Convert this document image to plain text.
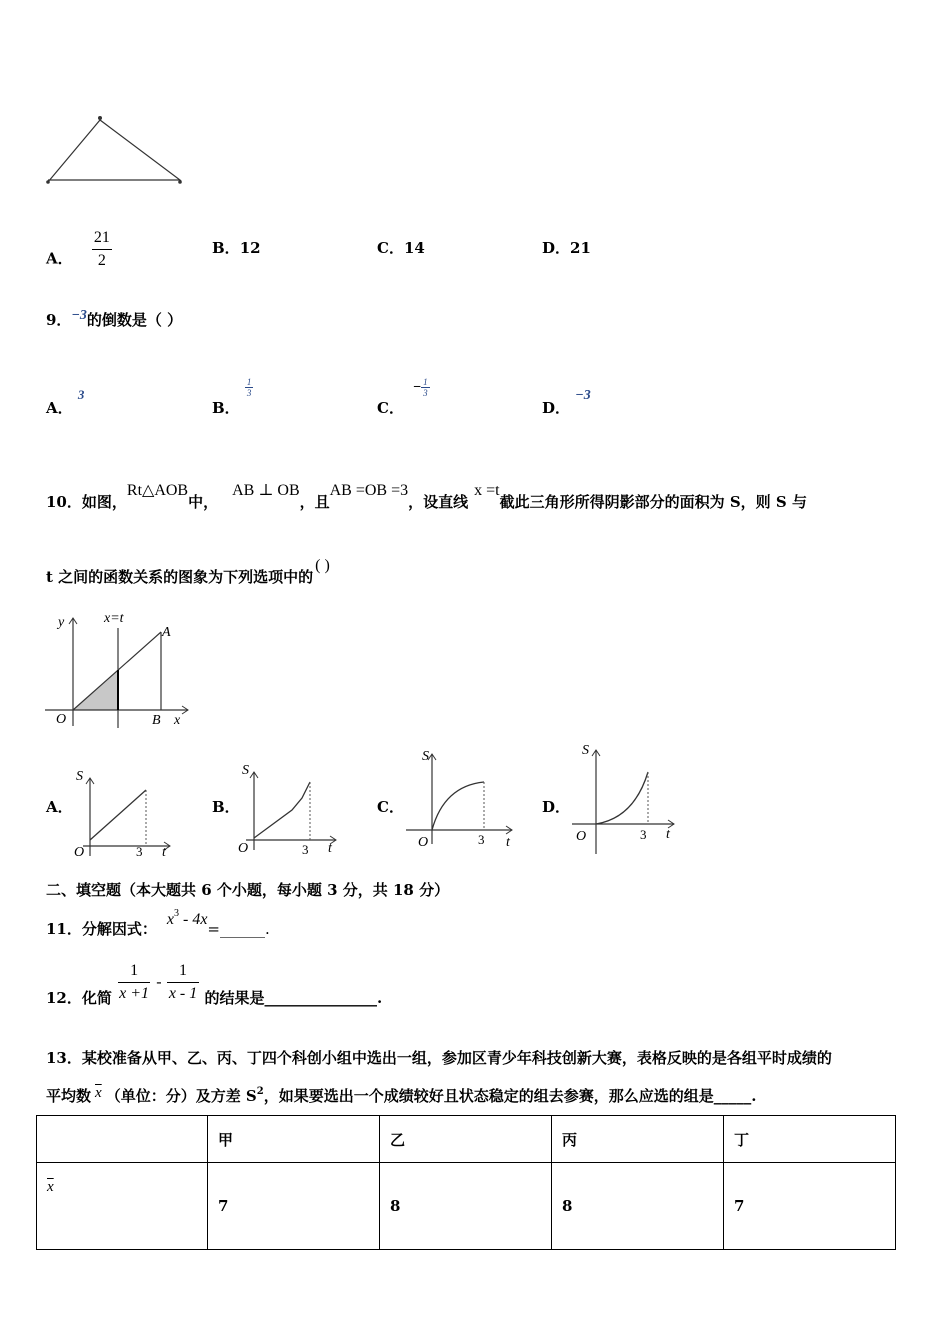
A． $\frac{21}{2}$	B．12	C．14	D．21
9．−3的倒数是（ ）
A． 3
B．
$\frac{1}{3}$
C． − $\frac{1}{3}$
D． −3
10．如图，Rt△AOB中，AB ⊥ OB，且AB =OB =3，设直线x =t截此三角形所得阴影部分的面积为 S，则 S 与
t 之间的函数关系的图象为下列选项中的( )
y	x=t
A
O	B x
A．
S
O	3 t
B．
S
O	3 t
C．
S
O	3 t
D．
S
O	3 t
二、填空题（本大题共 6 个小题，每小题 3 分，共 18 分）
11．分解因式：$x^3$ - 4x=______.
12．化简 $\frac{1}{x +1} - \frac{1}{x - 1}$ 的结果是_______________.
13．某校准备从甲、乙、丙、丁四个科创小组中选出一组，参加区青少年科技创新大赛，表格反映的是各组平时成绩的
平均数 $\overline{x}$ （单位：分）及方差 $S^2$，如果要选出一个成绩较好且状态稳定的组去参赛，那么应选的组是_____.
	甲	乙	丙	丁
$\overline{x}$	7	8	8	7
